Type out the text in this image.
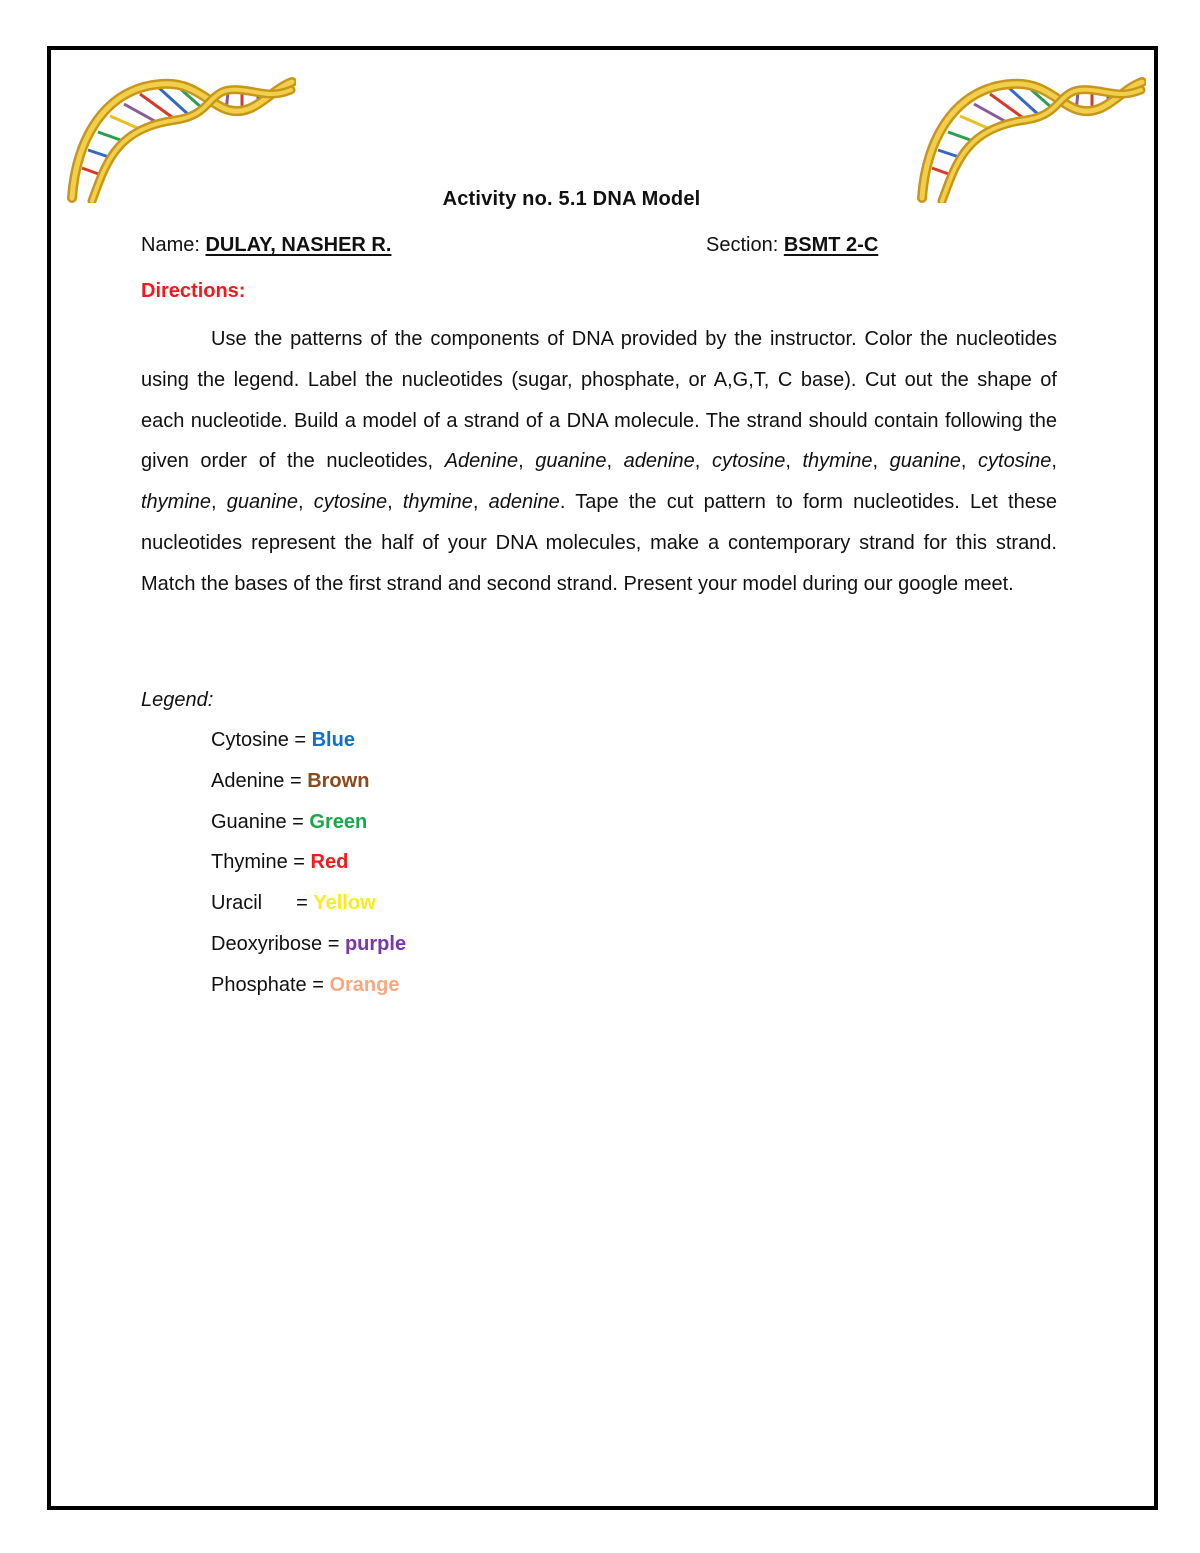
Activity no. 5.1 DNA Model
Name: DULAY, NASHER R.	Section: BSMT 2-C
Directions:

Use the patterns of the components of DNA provided by the instructor. Color the nucleotides using the legend. Label the nucleotides (sugar, phosphate, or A,G,T, C base). Cut out the shape of each nucleotide. Build a model of a strand of a DNA molecule. The strand should contain following the given order of the nucleotides, Adenine, guanine, adenine, cytosine, thymine, guanine, cytosine, thymine, guanine, cytosine, thymine, adenine. Tape the cut pattern to form nucleotides. Let these nucleotides represent the half of your DNA molecules, make a contemporary strand for this strand. Match the bases of the first strand and second strand. Present your model during our google meet.

Legend:
Cytosine = Blue
Adenine = Brown
Guanine = Green
Thymine = Red
Uracil = Yellow
Deoxyribose = purple
Phosphate = Orange
